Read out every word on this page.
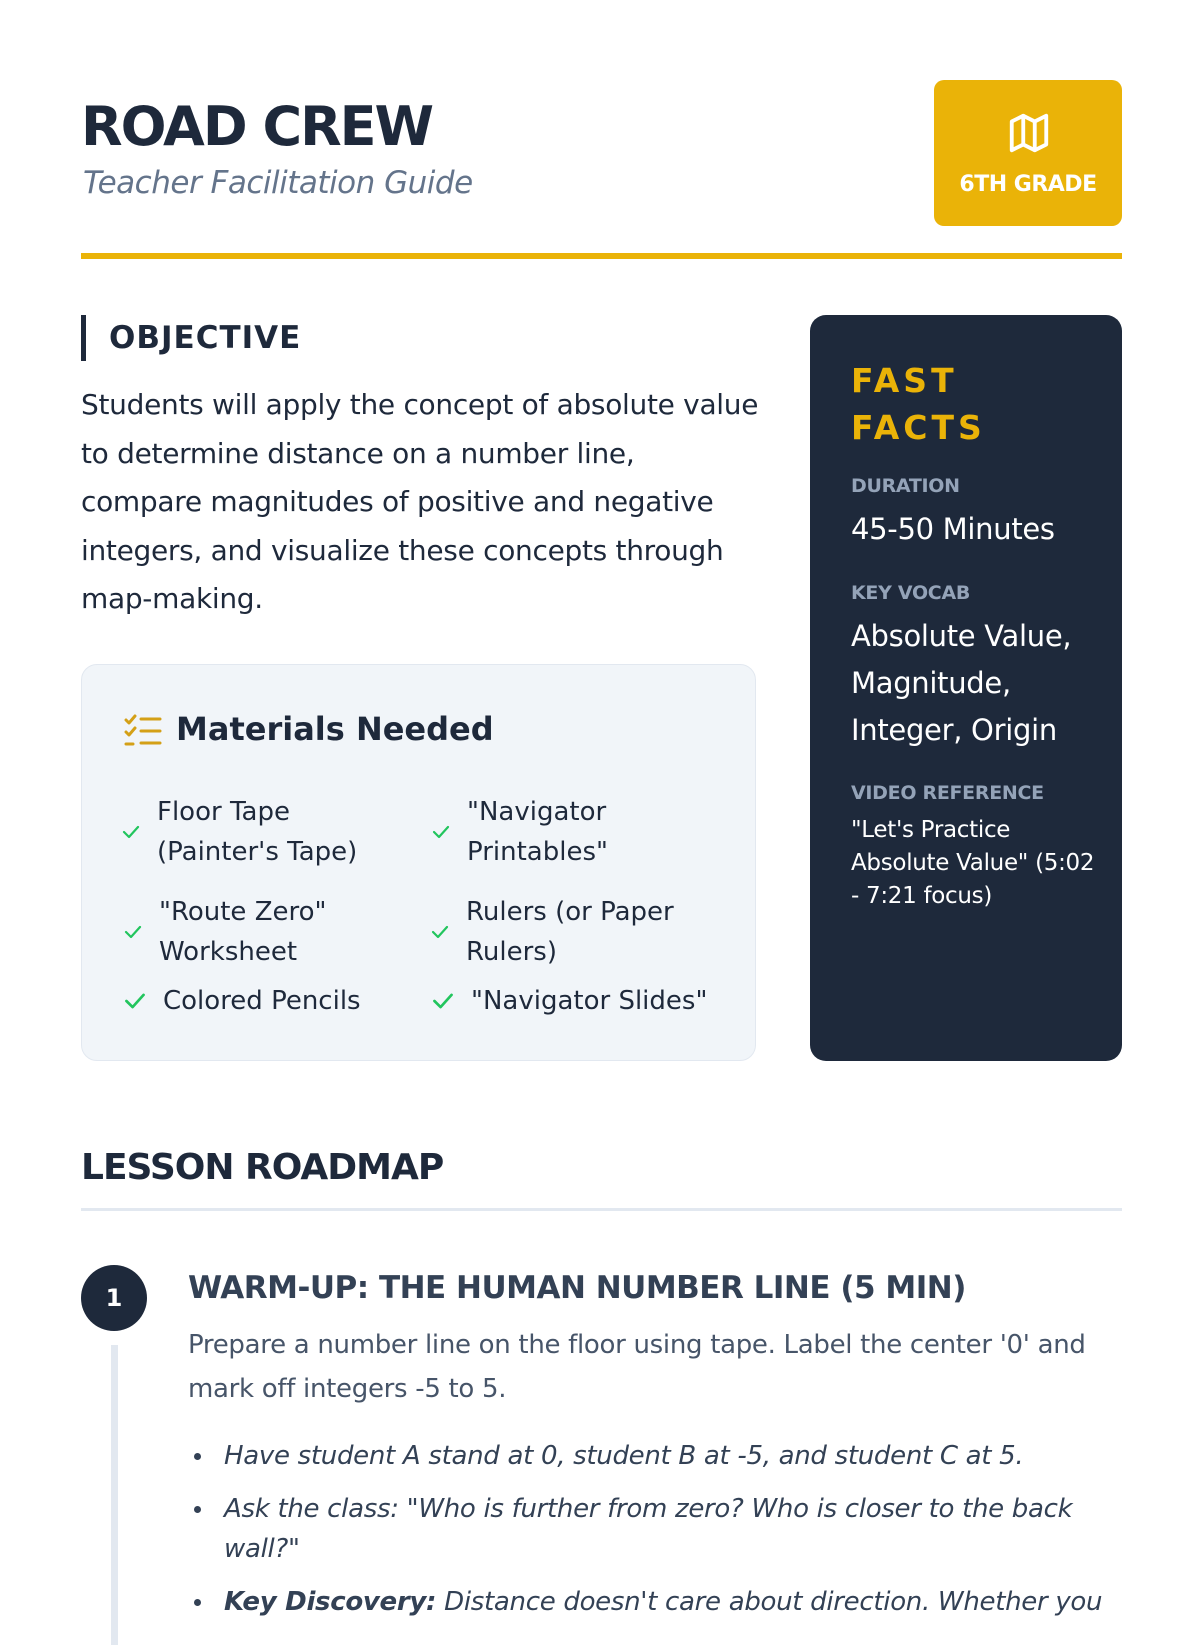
ROAD CREW
Teacher Facilitation Guide	6TH GRADE
OBJECTIVE

Students will apply the concept of absolute value to determine distance on a number line, compare magnitudes of positive and negative integers, and visualize these concepts through map-making.

Materials Needed
Floor Tape (Painter's Tape)
"Navigator Printables"
"Route Zero" Worksheet
Rulers (or Paper Rulers)
Colored Pencils	"Navigator Slides"
FAST FACTS
DURATION
45-50 Minutes
KEY VOCAB
Absolute Value, Magnitude, Integer, Origin
VIDEO REFERENCE
"Let's Practice Absolute Value" (5:02 - 7:21 focus)
LESSON ROADMAP
1	WARM-UP: THE HUMAN NUMBER LINE (5 MIN)

Prepare a number line on the floor using tape. Label the center '0' and mark off integers -5 to 5.

Have student A stand at 0, student B at -5, and student C at 5.
Ask the class: "Who is further from zero? Who is closer to the back wall?"
Key Discovery: Distance doesn't care about direction. Whether you
